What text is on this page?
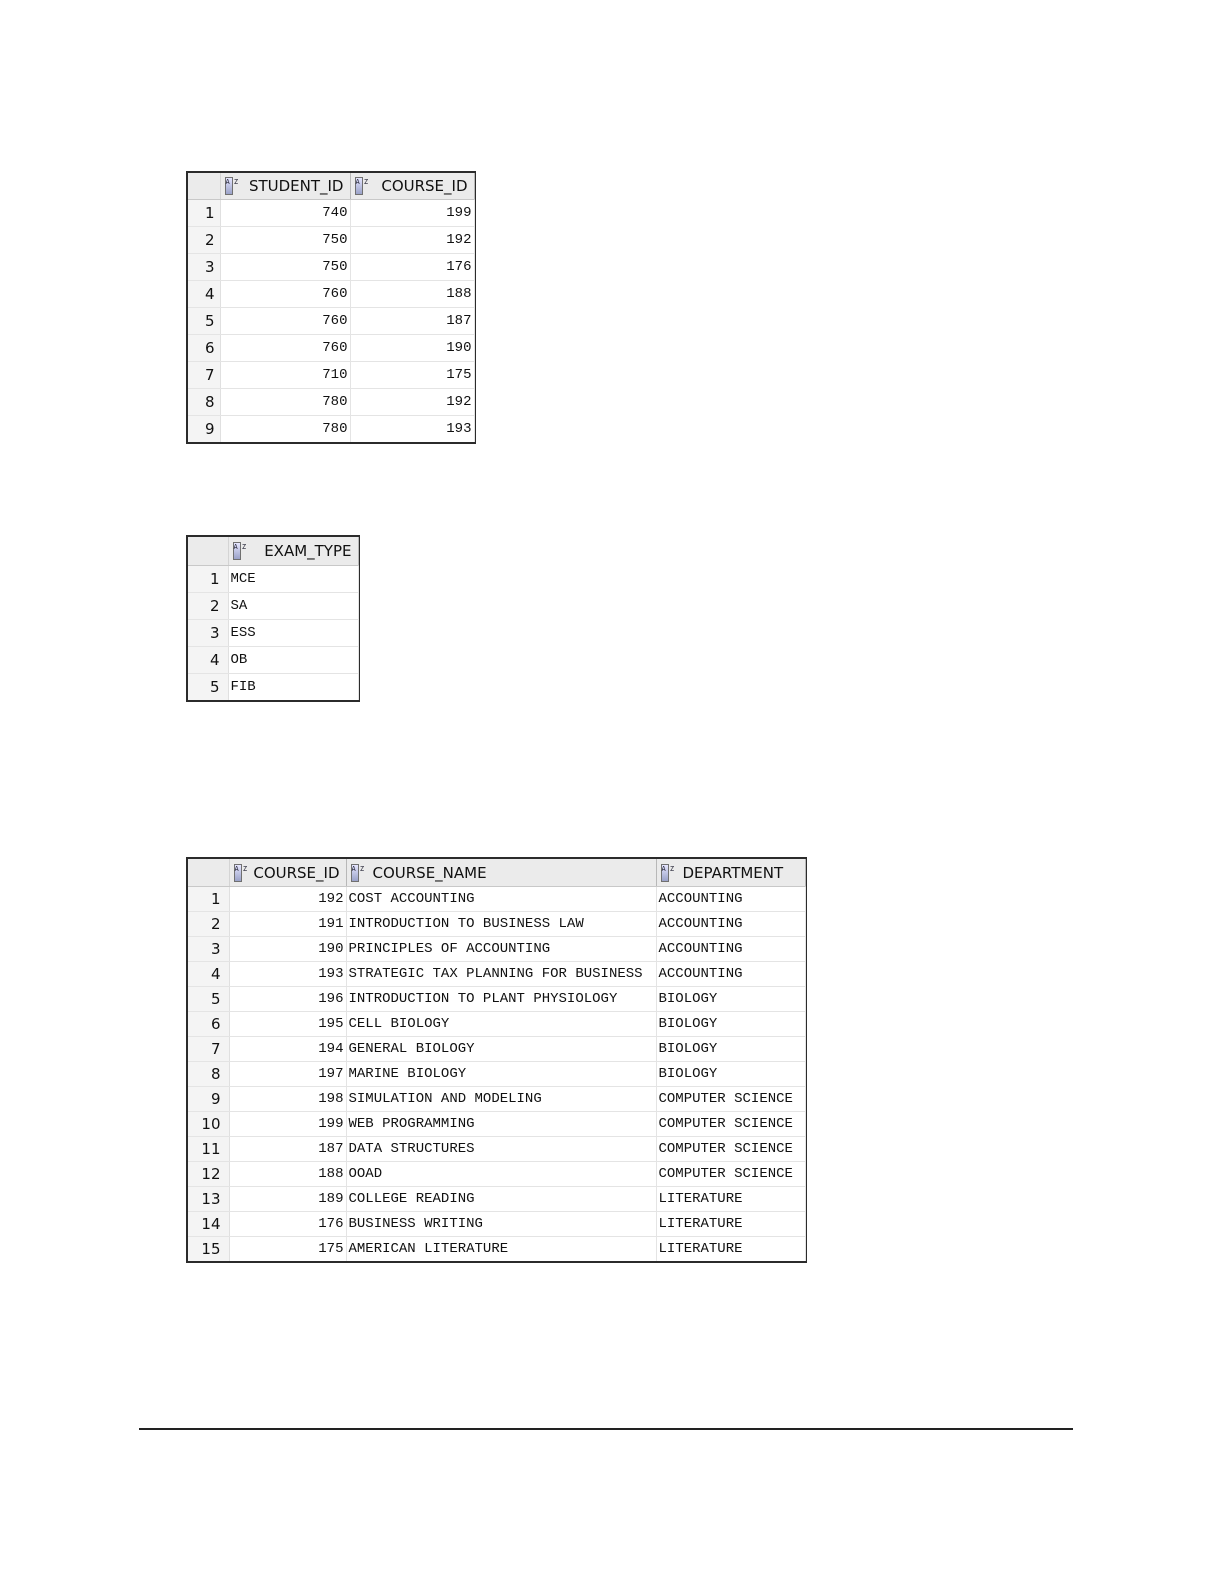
	A Z STUDENT_ID	A Z COURSE_ID
1	740	199
2	750	192
3	750	176
4	760	188
5	760	187
6	760	190
7	710	175
8	780	192
9	780	193

	A Z EXAM_TYPE
1	MCE
2	SA
3	ESS
4	OB
5	FIB

	A Z COURSE_ID	A Z COURSE_NAME	A Z DEPARTMENT
1	192	COST ACCOUNTING	ACCOUNTING
2	191	INTRODUCTION TO BUSINESS LAW	ACCOUNTING
3	190	PRINCIPLES OF ACCOUNTING	ACCOUNTING
4	193	STRATEGIC TAX PLANNING FOR BUSINESS	ACCOUNTING
5	196	INTRODUCTION TO PLANT PHYSIOLOGY	BIOLOGY
6	195	CELL BIOLOGY	BIOLOGY
7	194	GENERAL BIOLOGY	BIOLOGY
8	197	MARINE BIOLOGY	BIOLOGY
9	198	SIMULATION AND MODELING	COMPUTER SCIENCE
10	199	WEB PROGRAMMING	COMPUTER SCIENCE
11	187	DATA STRUCTURES	COMPUTER SCIENCE
12	188	OOAD	COMPUTER SCIENCE
13	189	COLLEGE READING	LITERATURE
14	176	BUSINESS WRITING	LITERATURE
15	175	AMERICAN LITERATURE	LITERATURE
